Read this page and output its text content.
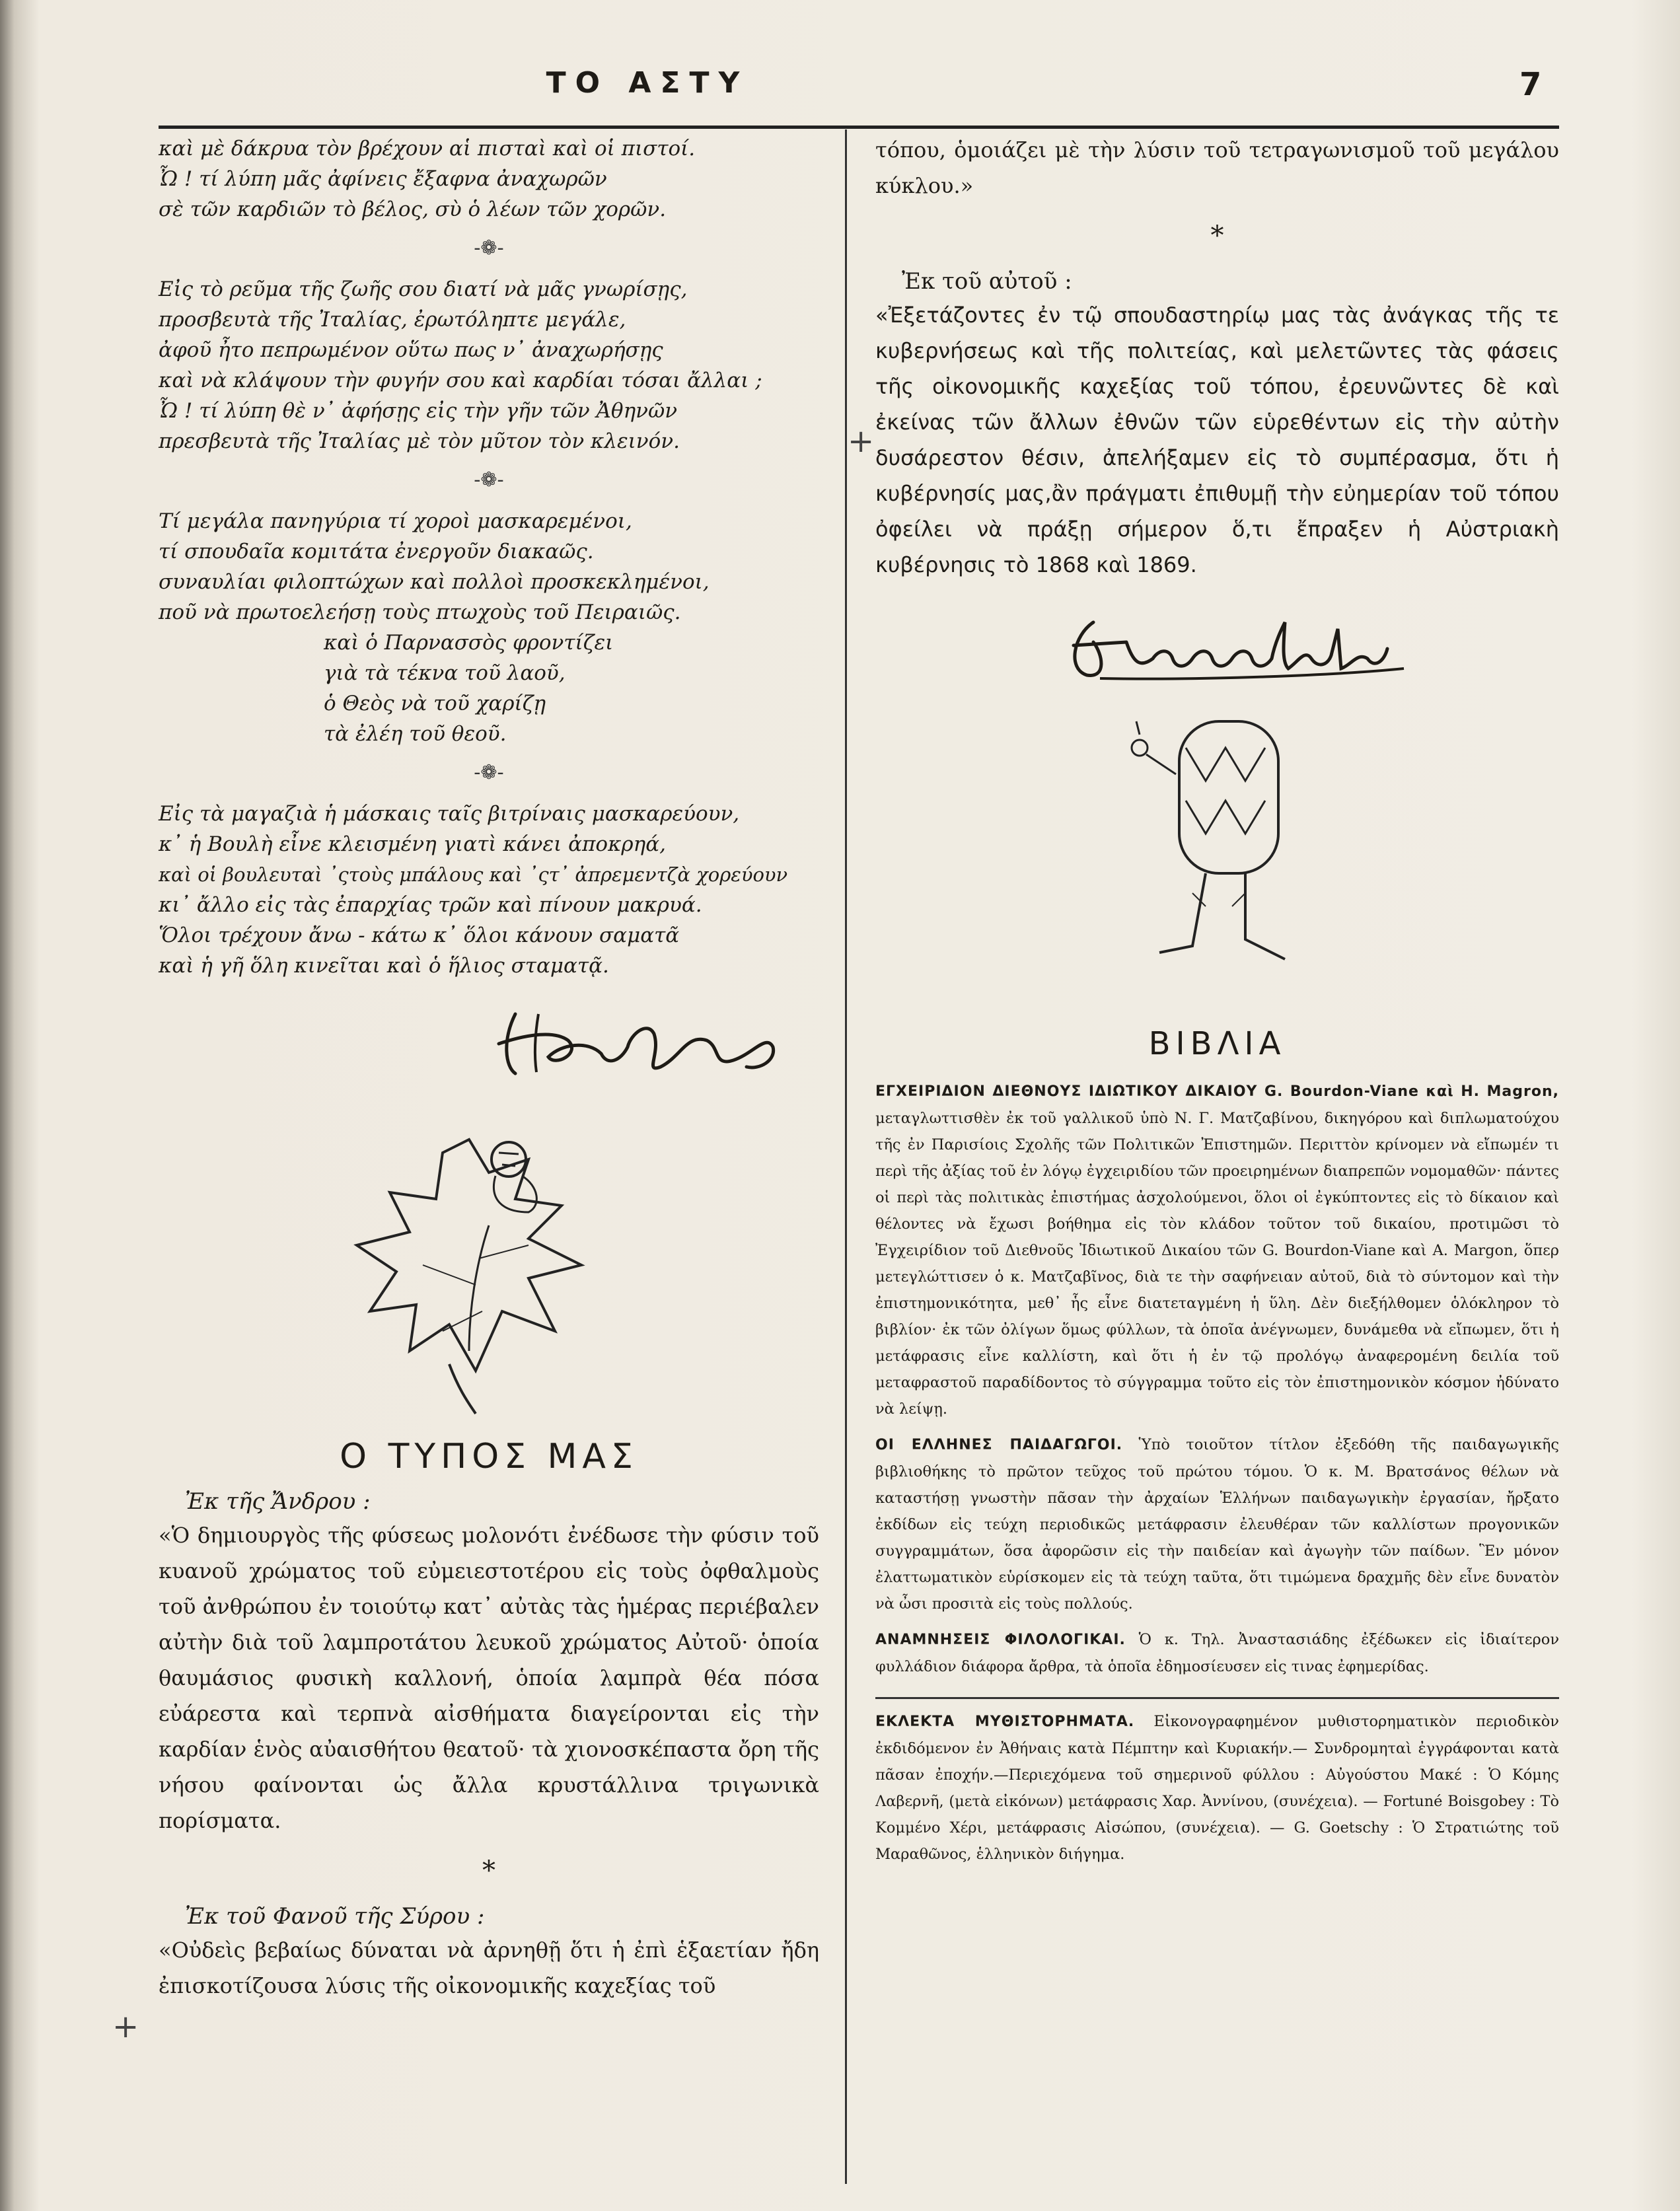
ΤΟ ΑΣΤΥ	7
καὶ μὲ δάκρυα τὸν βρέχουν αἱ πισταὶ καὶ οἱ πιστοί.
Ὦ ! τί λύπη μᾶς ἀφίνεις ἔξαφνα ἀναχωρῶν
σὲ τῶν καρδιῶν τὸ βέλος, σὺ ὁ λέων τῶν χορῶν.
-❁-
Εἰς τὸ ρεῦμα τῆς ζωῆς σου διατί νὰ μᾶς γνωρίσῃς,
προσβευτὰ τῆς Ἰταλίας, ἐρωτόληπτε μεγάλε,
ἀφοῦ ἦτο πεπρωμένον οὕτω πως ν᾽ ἀναχωρήσῃς
καὶ νὰ κλάψουν τὴν φυγήν σου καὶ καρδίαι τόσαι ἄλλαι ;
Ὦ ! τί λύπη θὲ ν᾽ ἀφήσῃς εἰς τὴν γῆν τῶν Ἀθηνῶν
πρεσβευτὰ τῆς Ἰταλίας μὲ τὸν μῦτον τὸν κλεινόν.
-❁-
Τί μεγάλα πανηγύρια τί χοροὶ μασκαρεμένοι,
τί σπουδαῖα κομιτάτα ἐνεργοῦν διακαῶς.
συναυλίαι φιλοπτώχων καὶ πολλοὶ προσκεκλημένοι,
ποῦ νὰ πρωτοελεήσῃ τοὺς πτωχοὺς τοῦ Πειραιῶς.
καὶ ὁ Παρνασσὸς φροντίζει
γιὰ τὰ τέκνα τοῦ λαοῦ,
ὁ Θεὸς νὰ τοῦ χαρίζῃ
τὰ ἐλέη τοῦ θεοῦ.
-❁-
Εἰς τὰ μαγαζιὰ ἡ μάσκαις ταῖς βιτρίναις μασκαρεύουν,
κ᾽ ἡ Βουλὴ εἶνε κλεισμένη γιατὶ κάνει ἀποκρηά,
καὶ οἱ βουλευταὶ ᾽ςτοὺς μπάλους καὶ ᾽ςτ᾽ ἀπρεμεντζὰ χορεύουν
κι᾽ ἄλλο εἰς τὰς ἐπαρχίας τρῶν καὶ πίνουν μακρυά.
Ὅλοι τρέχουν ἄνω - κάτω κ᾽ ὅλοι κάνουν σαματᾶ
καὶ ἡ γῆ ὅλη κινεῖται καὶ ὁ ἥλιος σταματᾷ.
Ο ΤΥΠΟΣ ΜΑΣ
Ἐκ τῆς Ἄνδρου :

«Ὁ δημιουργὸς τῆς φύσεως μολονότι ἐνέδωσε τὴν φύσιν τοῦ κυανοῦ χρώματος τοῦ εὐμειεστοτέρου εἰς τοὺς ὀφθαλμοὺς τοῦ ἀνθρώπου ἐν τοιούτῳ κατ᾽ αὐτὰς τὰς ἡμέρας περιέβαλεν αὐτὴν διὰ τοῦ λαμπροτάτου λευκοῦ χρώματος Αὐτοῦ· ὁποία θαυμάσιος φυσικὴ καλλονή, ὁποία λαμπρὰ θέα πόσα εὐάρεστα καὶ τερπνὰ αἰσθήματα διαγείρονται εἰς τὴν καρδίαν ἑνὸς αὐαισθήτου θεατοῦ· τὰ χιονοσκέπαστα ὄρη τῆς νήσου φαίνονται ὡς ἄλλα κρυστάλλινα τριγωνικὰ πορίσματα.

*
Ἐκ τοῦ Φανοῦ τῆς Σύρου :

«Οὐδεὶς βεβαίως δύναται νὰ ἀρνηθῇ ὅτι ἡ ἐπὶ ἑξαετίαν ἤδη ἐπισκοτίζουσα λύσις τῆς οἰκονομικῆς καχεξίας τοῦ

+
+

τόπου, ὁμοιάζει μὲ τὴν λύσιν τοῦ τετραγωνισμοῦ τοῦ μεγάλου κύκλου.»

*
Ἐκ τοῦ αὐτοῦ :

«Ἐξετάζοντες ἐν τῷ σπουδαστηρίῳ μας τὰς ἀνάγκας τῆς τε κυβερνήσεως καὶ τῆς πολιτείας, καὶ μελετῶντες τὰς φάσεις τῆς οἰκονομικῆς καχεξίας τοῦ τόπου, ἐρευνῶντες δὲ καὶ ἐκείνας τῶν ἄλλων ἐθνῶν τῶν εὑρεθέντων εἰς τὴν αὐτὴν δυσάρεστον θέσιν, ἀπελήξαμεν εἰς τὸ συμπέρασμα, ὅτι ἡ κυβέρνησίς μας,ἂν πράγματι ἐπιθυμῇ τὴν εὐημερίαν τοῦ τόπου ὀφείλει νὰ πράξῃ σήμερον ὅ,τι ἔπραξεν ἡ Αὐστριακὴ κυβέρνησις τὸ 1868 καὶ 1869.

ΒΙΒΛΙΑ

ΕΓΧΕΙΡΙΔΙΟΝ ΔΙΕΘΝΟΥΣ ΙΔΙΩΤΙΚΟΥ ΔΙΚΑΙΟΥ G. Bourdon-Viane καὶ H. Magron, μεταγλωττισθὲν ἐκ τοῦ γαλλικοῦ ὑπὸ Ν. Γ. Ματζαβίνου, δικηγόρου καὶ διπλωματούχου τῆς ἐν Παρισίοις Σχολῆς τῶν Πολιτικῶν Ἐπιστημῶν. Περιττὸν κρίνομεν νὰ εἴπωμέν τι περὶ τῆς ἀξίας τοῦ ἐν λόγῳ ἐγχειριδίου τῶν προειρημένων διαπρεπῶν νομομαθῶν· πάντες οἱ περὶ τὰς πολιτικὰς ἐπιστήμας ἀσχολούμενοι, ὅλοι οἱ ἐγκύπτοντες εἰς τὸ δίκαιον καὶ θέλοντες νὰ ἔχωσι βοήθημα εἰς τὸν κλάδον τοῦτον τοῦ δικαίου, προτιμῶσι τὸ Ἐγχειρίδιον τοῦ Διεθνοῦς Ἰδιωτικοῦ Δικαίου τῶν G. Bourdon-Viane καὶ A. Margon, ὅπερ μετεγλώττισεν ὁ κ. Ματζαβῖνος, διὰ τε τὴν σαφήνειαν αὐτοῦ, διὰ τὸ σύντομον καὶ τὴν ἐπιστημονικότητα, μεθ᾽ ἧς εἶνε διατεταγμένη ἡ ὕλη. Δὲν διεξήλθομεν ὁλόκληρον τὸ βιβλίον· ἐκ τῶν ὀλίγων ὅμως φύλλων, τὰ ὁποῖα ἀνέγνωμεν, δυνάμεθα νὰ εἴπωμεν, ὅτι ἡ μετάφρασις εἶνε καλλίστη, καὶ ὅτι ἡ ἐν τῷ προλόγῳ ἀναφερομένη δειλία τοῦ μεταφραστοῦ παραδίδοντος τὸ σύγγραμμα τοῦτο εἰς τὸν ἐπιστημονικὸν κόσμον ἠδύνατο νὰ λείψῃ.

ΟΙ ΕΛΛΗΝΕΣ ΠΑΙΔΑΓΩΓΟΙ. Ὑπὸ τοιοῦτον τίτλον ἐξεδόθη τῆς παιδαγωγικῆς βιβλιοθήκης τὸ πρῶτον τεῦχος τοῦ πρώτου τόμου. Ὁ κ. Μ. Βρατσάνος θέλων νὰ καταστήσῃ γνωστὴν πᾶσαν τὴν ἀρχαίων Ἑλλήνων παιδαγωγικὴν ἐργασίαν, ἤρξατο ἐκδίδων εἰς τεύχη περιοδικῶς μετάφρασιν ἐλευθέραν τῶν καλλίστων προγονικῶν συγγραμμάτων, ὅσα ἀφορῶσιν εἰς τὴν παιδείαν καὶ ἀγωγὴν τῶν παίδων. Ἓν μόνον ἐλαττωματικὸν εὑρίσκομεν εἰς τὰ τεύχη ταῦτα, ὅτι τιμώμενα δραχμῆς δὲν εἶνε δυνατὸν νὰ ὦσι προσιτὰ εἰς τοὺς πολλούς.

ΑΝΑΜΝΗΣΕΙΣ ΦΙΛΟΛΟΓΙΚΑΙ. Ὁ κ. Τηλ. Ἀναστασιάδης ἐξέδωκεν εἰς ἰδιαίτερον φυλλάδιον διάφορα ἄρθρα, τὰ ὁποῖα ἐδημοσίευσεν εἰς τινας ἐφημερίδας.

ΕΚΛΕΚΤΑ ΜΥΘΙΣΤΟΡΗΜΑΤΑ. Εἰκονογραφημένον μυθιστορηματικὸν περιοδικὸν ἐκδιδόμενον ἐν Ἀθήναις κατὰ Πέμπτην καὶ Κυριακήν.— Συνδρομηταὶ ἐγγράφονται κατὰ πᾶσαν ἐποχήν.—Περιεχόμενα τοῦ σημερινοῦ φύλλου : Αὐγούστου Μακέ : Ὁ Κόμης Λαβερνῆ, (μετὰ εἰκόνων) μετάφρασις Χαρ. Ἀννίνου, (συνέχεια). — Fortuné Boisgobey : Τὸ Κομμένο Χέρι, μετάφρασις Αἰσώπου, (συνέχεια). — G. Goetschy : Ὁ Στρατιώτης τοῦ Μαραθῶνος, ἑλληνικὸν διήγημα.
